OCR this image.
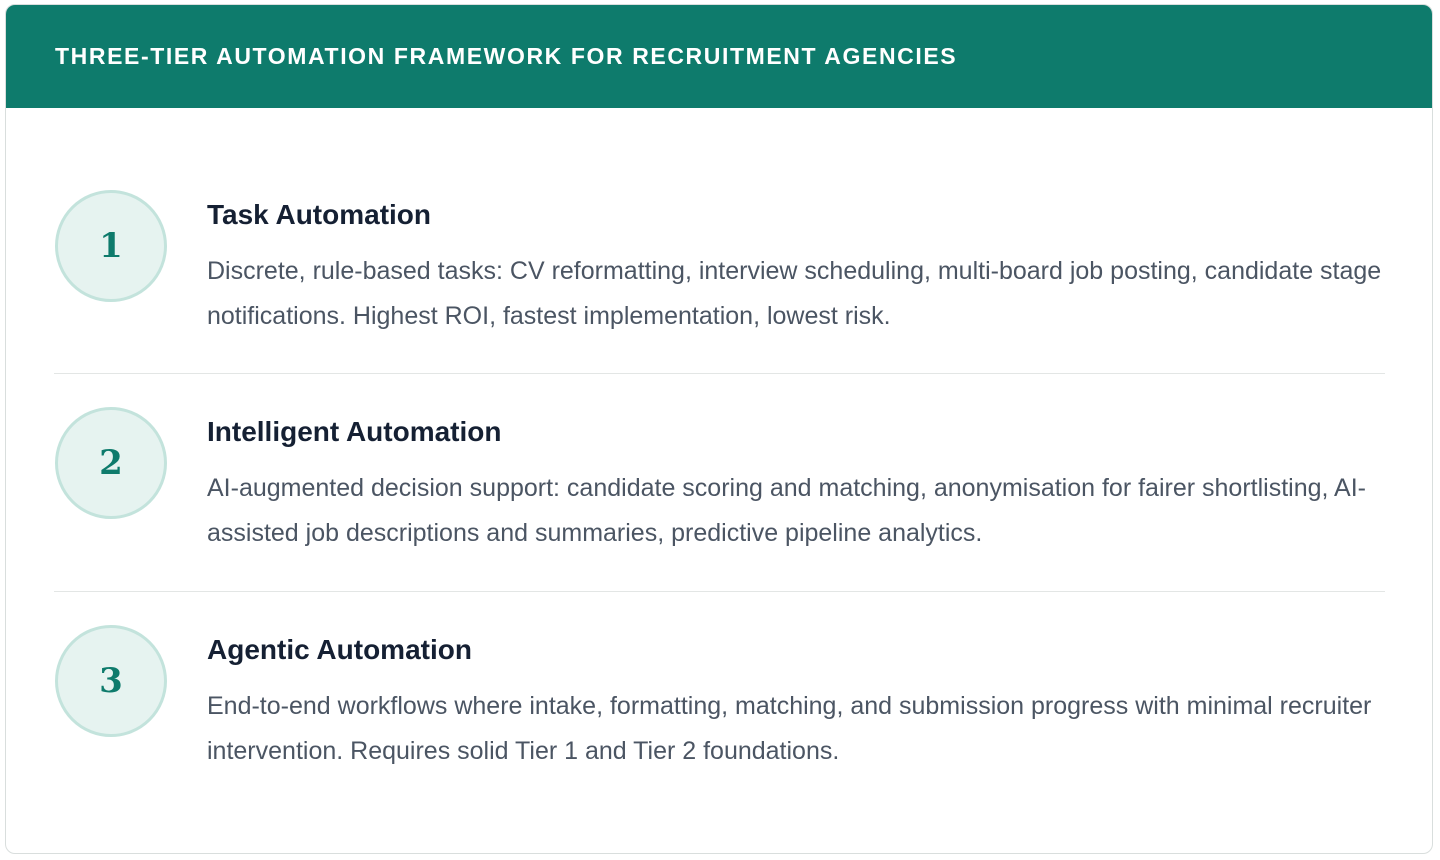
THREE-TIER AUTOMATION FRAMEWORK FOR RECRUITMENT AGENCIES
1

Task Automation

Discrete, rule-based tasks: CV reformatting, interview scheduling, multi-board job posting, candidate stage notifications. Highest ROI, fastest implementation, lowest risk.

2

Intelligent Automation

AI-augmented decision support: candidate scoring and matching, anonymisation for fairer shortlisting, AI-assisted job descriptions and summaries, predictive pipeline analytics.

3

Agentic Automation

End-to-end workflows where intake, formatting, matching, and submission progress with minimal recruiter intervention. Requires solid Tier 1 and Tier 2 foundations.
